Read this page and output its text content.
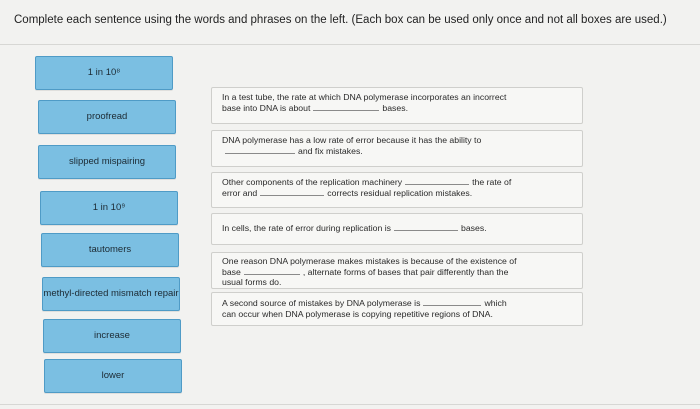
Complete each sentence using the words and phrases on the left. (Each box can be used only once and not all boxes are used.)
1 in 10⁸
proofread
slipped mispairing
1 in 10⁹
tautomers
methyl-directed mismatch repair
increase
lower
In a test tube, the rate at which DNA polymerase incorporates an incorrect
base into DNA is about	bases.
DNA polymerase has a low rate of error because it has the ability to
and fix mistakes.
Other components of the replication machinery	the rate of
error and	corrects residual replication mistakes.
In cells, the rate of error during replication is	bases.
One reason DNA polymerase makes mistakes is because of the existence of
base	, alternate forms of bases that pair differently than the
usual forms do.
A second source of mistakes by DNA polymerase is	which
can occur when DNA polymerase is copying repetitive regions of DNA.
